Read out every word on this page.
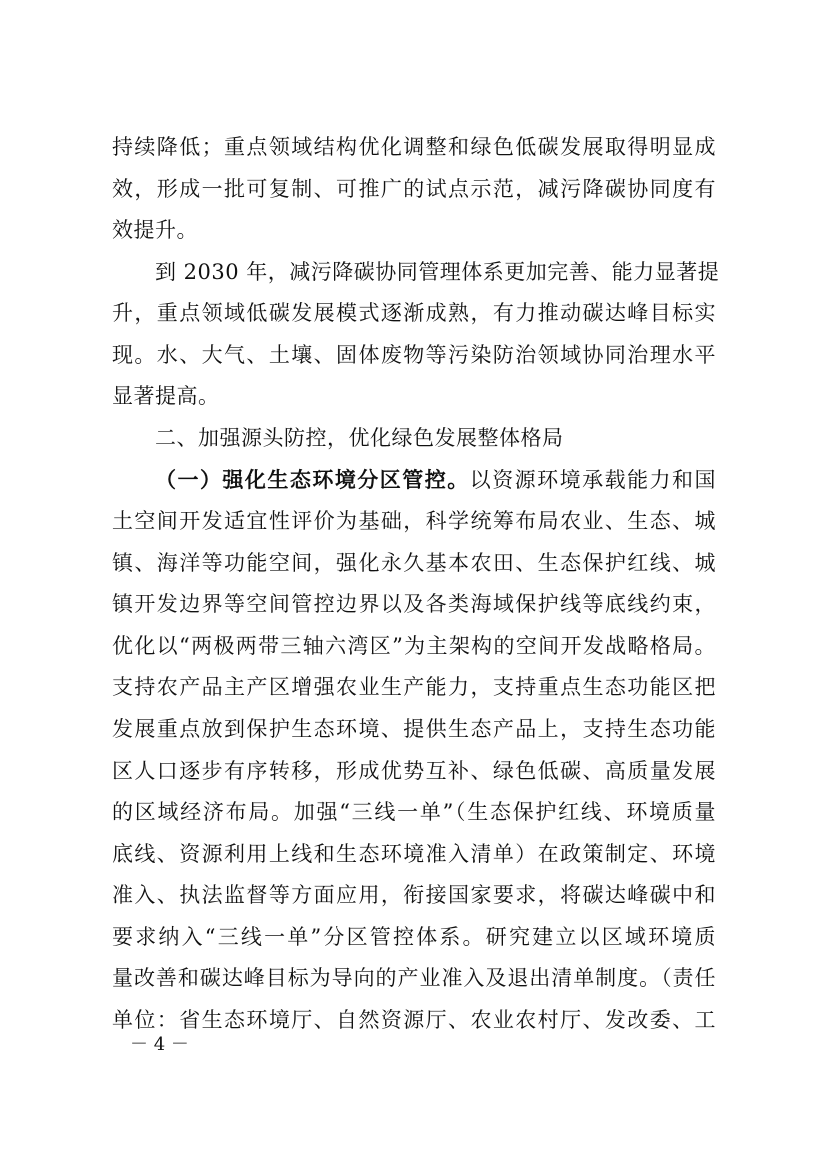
持续降低；重点领域结构优化调整和绿色低碳发展取得明显成
效，形成一批可复制、可推广的试点示范，减污降碳协同度有
效提升。
到 2030 年，减污降碳协同管理体系更加完善、能力显著提
升，重点领域低碳发展模式逐渐成熟，有力推动碳达峰目标实
现。水、大气、土壤、固体废物等污染防治领域协同治理水平
显著提高。
二、加强源头防控，优化绿色发展整体格局
（一）强化生态环境分区管控。以资源环境承载能力和国
土空间开发适宜性评价为基础，科学统筹布局农业、生态、城
镇、海洋等功能空间，强化永久基本农田、生态保护红线、城
镇开发边界等空间管控边界以及各类海域保护线等底线约束，
优化以“两极两带三轴六湾区”为主架构的空间开发战略格局。
支持农产品主产区增强农业生产能力，支持重点生态功能区把
发展重点放到保护生态环境、提供生态产品上，支持生态功能
区人口逐步有序转移，形成优势互补、绿色低碳、高质量发展
的区域经济布局。加强“三线一单”（生态保护红线、环境质量
底线、资源利用上线和生态环境准入清单）在政策制定、环境
准入、执法监督等方面应用，衔接国家要求，将碳达峰碳中和
要求纳入“三线一单”分区管控体系。研究建立以区域环境质
量改善和碳达峰目标为导向的产业准入及退出清单制度。（责任
单位：省生态环境厅、自然资源厅、农业农村厅、发改委、工
－ 4 －
